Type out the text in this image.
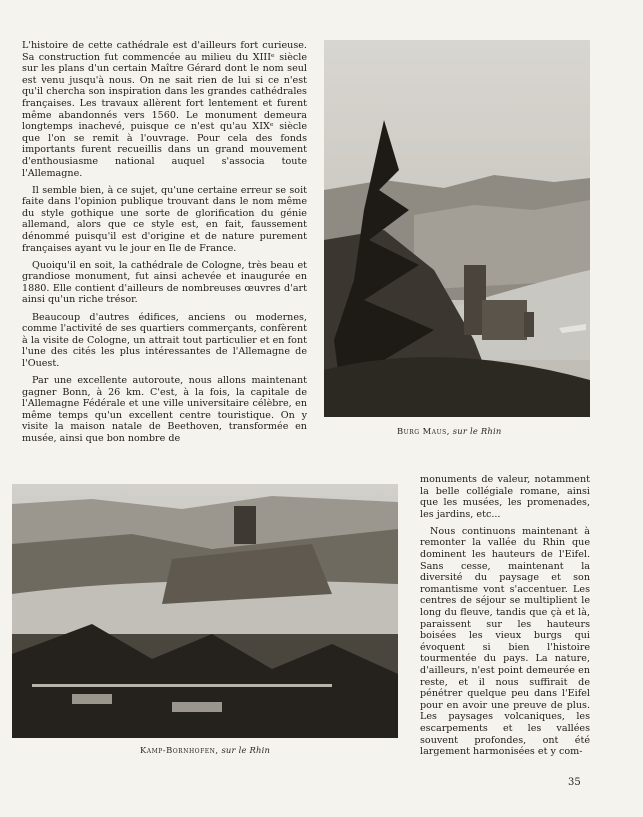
L'histoire de cette cathédrale est d'ailleurs fort curieuse. Sa construction fut commencée au milieu du XIIIᵉ siècle sur les plans d'un certain Maître Gérard dont le nom seul est venu jusqu'à nous. On ne sait rien de lui si ce n'est qu'il chercha son inspiration dans les grandes cathédrales françaises. Les travaux allèrent fort lentement et furent même abandonnés vers 1560. Le monument demeura longtemps inachevé, puisque ce n'est qu'au XIXᵉ siècle que l'on se remit à l'ouvrage. Pour cela des fonds importants furent recueillis dans un grand mouvement d'enthousiasme national auquel s'associa toute l'Allemagne.

Il semble bien, à ce sujet, qu'une certaine erreur se soit faite dans l'opinion publique trouvant dans le nom même du style gothique une sorte de glorification du génie allemand, alors que ce style est, en fait, faussement dénommé puisqu'il est d'origine et de nature purement françaises ayant vu le jour en Ile de France.

Quoiqu'il en soit, la cathédrale de Cologne, très beau et grandiose monument, fut ainsi achevée et inaugurée en 1880. Elle contient d'ailleurs de nombreuses œuvres d'art ainsi qu'un riche trésor.

Beaucoup d'autres édifices, anciens ou modernes, comme l'activité de ses quartiers commerçants, confèrent à la visite de Cologne, un attrait tout particulier et en font l'une des cités les plus intéressantes de l'Allemagne de l'Ouest.

Par une excellente autoroute, nous allons maintenant gagner Bonn, à 26 km. C'est, à la fois, la capitale de l'Allemagne Fédérale et une ville universitaire célèbre, en même temps qu'un excellent centre touristique. On y visite la maison natale de Beethoven, transformée en musée, ainsi que bon nombre de

Burg Maus, sur le Rhin
Kamp-Bornhofen, sur le Rhin

monuments de valeur, notamment la belle collégiale romane, ainsi que les musées, les promenades, les jardins, etc...

Nous continuons maintenant à remonter la vallée du Rhin que dominent les hauteurs de l'Eifel. Sans cesse, maintenant la diversité du paysage et son romantisme vont s'accentuer. Les centres de séjour se multiplient le long du fleuve, tandis que çà et là, paraissent sur les hauteurs boisées les vieux burgs qui évoquent si bien l'histoire tourmentée du pays. La nature, d'ailleurs, n'est point demeurée en reste, et il nous suffirait de pénétrer quelque peu dans l'Eifel pour en avoir une preuve de plus. Les paysages volcaniques, les escarpements et les vallées souvent profondes, ont été largement harmonisées et y com-

35
